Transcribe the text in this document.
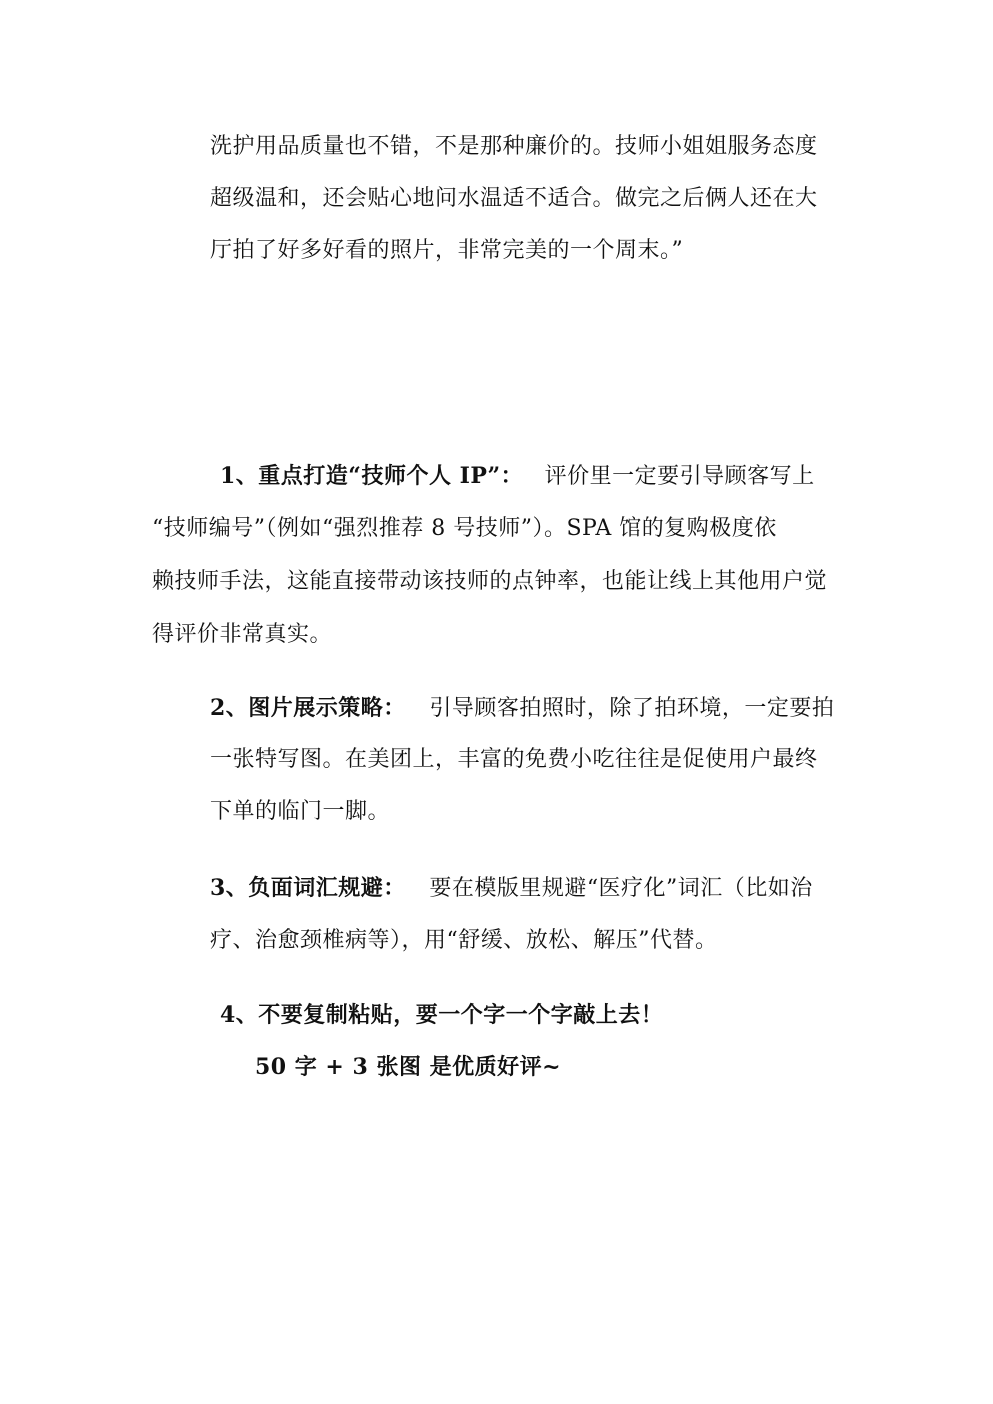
洗护用品质量也不错，不是那种廉价的。技师小姐姐服务态度
超级温和，还会贴心地问水温适不适合。做完之后俩人还在大
厅拍了好多好看的照片，非常完美的一个周末。”
1、重点打造“技师个人 IP”： 评价里一定要引导顾客写上
“技师编号”（例如“强烈推荐 8 号技师”）。SPA 馆的复购极度依
赖技师手法，这能直接带动该技师的点钟率，也能让线上其他用户觉
得评价非常真实。
2、图片展示策略： 引导顾客拍照时，除了拍环境，一定要拍
一张特写图。在美团上，丰富的免费小吃往往是促使用户最终
下单的临门一脚。
3、负面词汇规避： 要在模版里规避“医疗化”词汇（比如治
疗、治愈颈椎病等），用“舒缓、放松、解压”代替。
4、不要复制粘贴，要一个字一个字敲上去！
50 字 + 3 张图 是优质好评~
